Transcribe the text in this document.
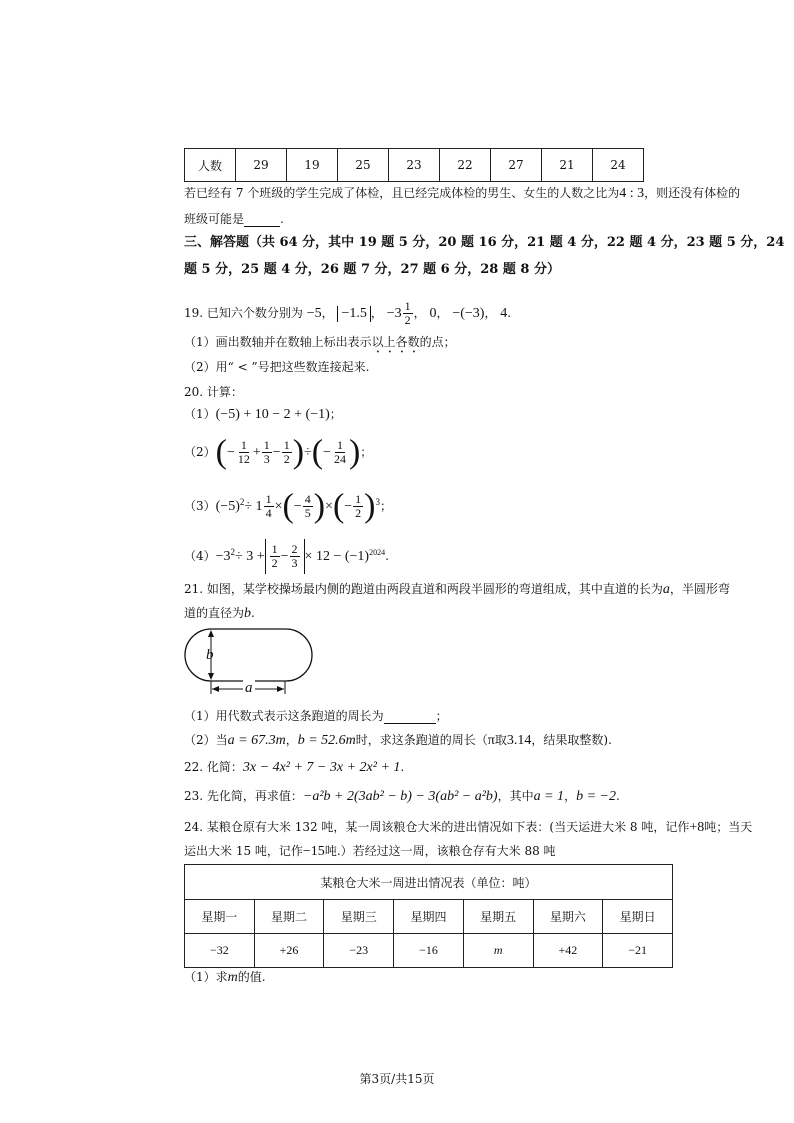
人数	29	19	25	23	22	27	21	24
若已经有 7 个班级的学生完成了体检，且已经完成体检的男生、女生的人数之比为4 : 3，则还没有体检的
班级可能是	.
三、解答题（共 64 分，其中 19 题 5 分，20 题 16 分，21 题 4 分，22 题 4 分，23 题 5 分，24
题 5 分，25 题 4 分，26 题 7 分，27 题 6 分，28 题 8 分）
19. 已知六个数分别为 −5， −1.5 ， $-3 \frac{1}{2}$ ， 0， −(−3)， 4.
（1）画出数轴并在数轴上标出表示以上各数的点；
（2）用“ < ”号把这些数连接起来.
20. 计算：
（1）(−5) + 10 − 2 + (−1)；
$(2)(- \frac{1}{12} + \frac{1}{3} - \frac{1}{2}$ )÷(− $\frac{1}{24}$ )；
$(3)(-5)^2\div 1 \frac{1}{4}$ ×(− $\frac{4}{5}$ )×(− $\frac{1}{2} )^3$；
$(4)-3^2\div 3 + \frac{1}{2} - \frac{2}{3} \times 12 - (-1)^{2024}$.
21. 如图，某学校操场最内侧的跑道由两段直道和两段半圆形的弯道组成，其中直道的长为a，半圆形弯
道的直径为b.
b
a
（1）用代数式表示这条跑道的周长为	；
（2）当a = 67.3m，b = 52.6m时，求这条跑道的周长（π取3.14，结果取整数).
22. 化简：3x − 4x² + 7 − 3x + 2x² + 1.
23. 先化简，再求值：−a²b + 2(3ab² − b) − 3(ab² − a²b)，其中a = 1，b = −2.
24. 某粮仓原有大米 132 吨，某一周该粮仓大米的进出情况如下表：(当天运进大米 8 吨，记作+8吨；当天
运出大米 15 吨，记作−15吨.）若经过这一周，该粮仓存有大米 88 吨
某粮仓大米一周进出情况表（单位：吨）						
星期一	星期二	星期三	星期四	星期五	星期六	星期日
−32	+26	−23	−16	m	+42	−21
（1）求m的值.
第3页/共15页
